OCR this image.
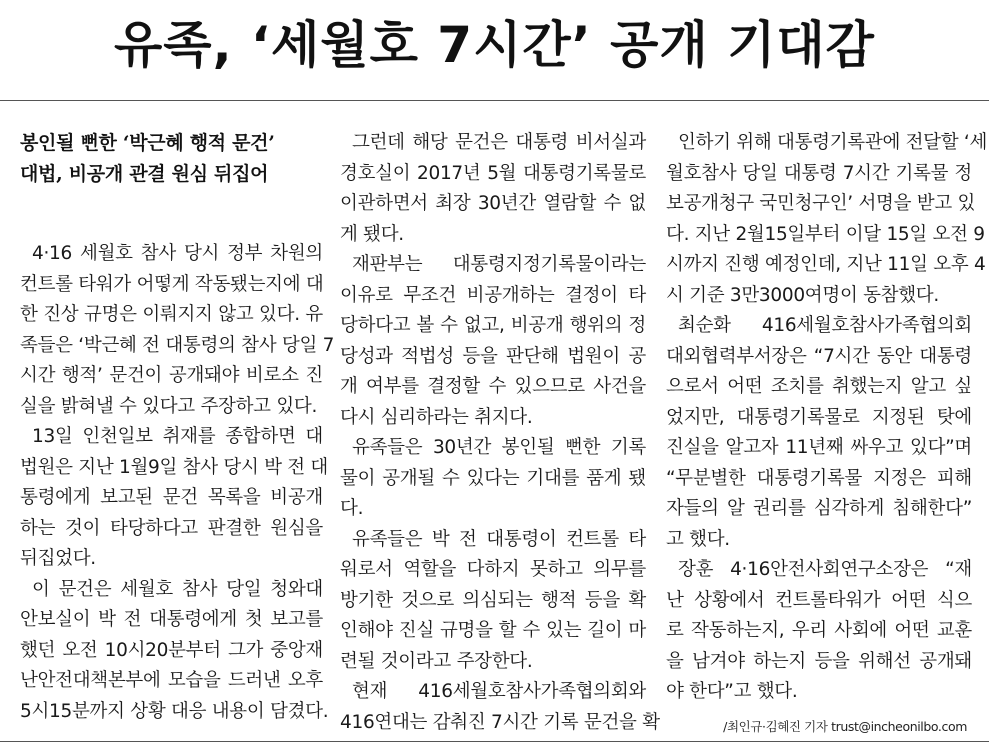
유족, ‘세월호 7시간’ 공개 기대감
봉인될 뻔한 ‘박근혜 행적 문건’
대법, 비공개 관결 원심 뒤집어

4·16 세월호 참사 당시 정부 차원의
컨트롤 타워가 어떻게 작동됐는지에 대
한 진상 규명은 이뤄지지 않고 있다. 유
족들은 ‘박근혜 전 대통령의 참사 당일 7
시간 행적’ 문건이 공개돼야 비로소 진
실을 밝혀낼 수 있다고 주장하고 있다.

13일 인천일보 취재를 종합하면 대
법원은 지난 1월9일 참사 당시 박 전 대
통령에게 보고된 문건 목록을 비공개
하는 것이 타당하다고 판결한 원심을
뒤집었다.

이 문건은 세월호 참사 당일 청와대
안보실이 박 전 대통령에게 첫 보고를
했던 오전 10시20분부터 그가 중앙재
난안전대책본부에 모습을 드러낸 오후
5시15분까지 상황 대응 내용이 담겼다.

그런데 해당 문건은 대통령 비서실과
경호실이 2017년 5월 대통령기록물로
이관하면서 최장 30년간 열람할 수 없
게 됐다.

재판부는 대통령지정기록물이라는
이유로 무조건 비공개하는 결정이 타
당하다고 볼 수 없고, 비공개 행위의 정
당성과 적법성 등을 판단해 법원이 공
개 여부를 결정할 수 있으므로 사건을
다시 심리하라는 취지다.

유족들은 30년간 봉인될 뻔한 기록
물이 공개될 수 있다는 기대를 품게 됐
다.

유족들은 박 전 대통령이 컨트롤 타
워로서 역할을 다하지 못하고 의무를
방기한 것으로 의심되는 행적 등을 확
인해야 진실 규명을 할 수 있는 길이 마
련될 것이라고 주장한다.

현재 416세월호참사가족협의회와
416연대는 감춰진 7시간 기록 문건을 확

인하기 위해 대통령기록관에 전달할 ‘세
월호참사 당일 대통령 7시간 기록물 정
보공개청구 국민청구인’ 서명을 받고 있
다. 지난 2월15일부터 이달 15일 오전 9
시까지 진행 예정인데, 지난 11일 오후 4
시 기준 3만3000여명이 동참했다.

최순화 416세월호참사가족협의회
대외협력부서장은 “7시간 동안 대통령
으로서 어떤 조치를 취했는지 알고 싶
었지만, 대통령기록물로 지정된 탓에
진실을 알고자 11년째 싸우고 있다”며
“무분별한 대통령기록물 지정은 피해
자들의 알 권리를 심각하게 침해한다”
고 했다.

장훈 4·16안전사회연구소장은 “재
난 상황에서 컨트롤타워가 어떤 식으
로 작동하는지, 우리 사회에 어떤 교훈
을 남겨야 하는지 등을 위해선 공개돼
야 한다”고 했다.

/최인규·김혜진 기자 trust@incheonilbo.com
